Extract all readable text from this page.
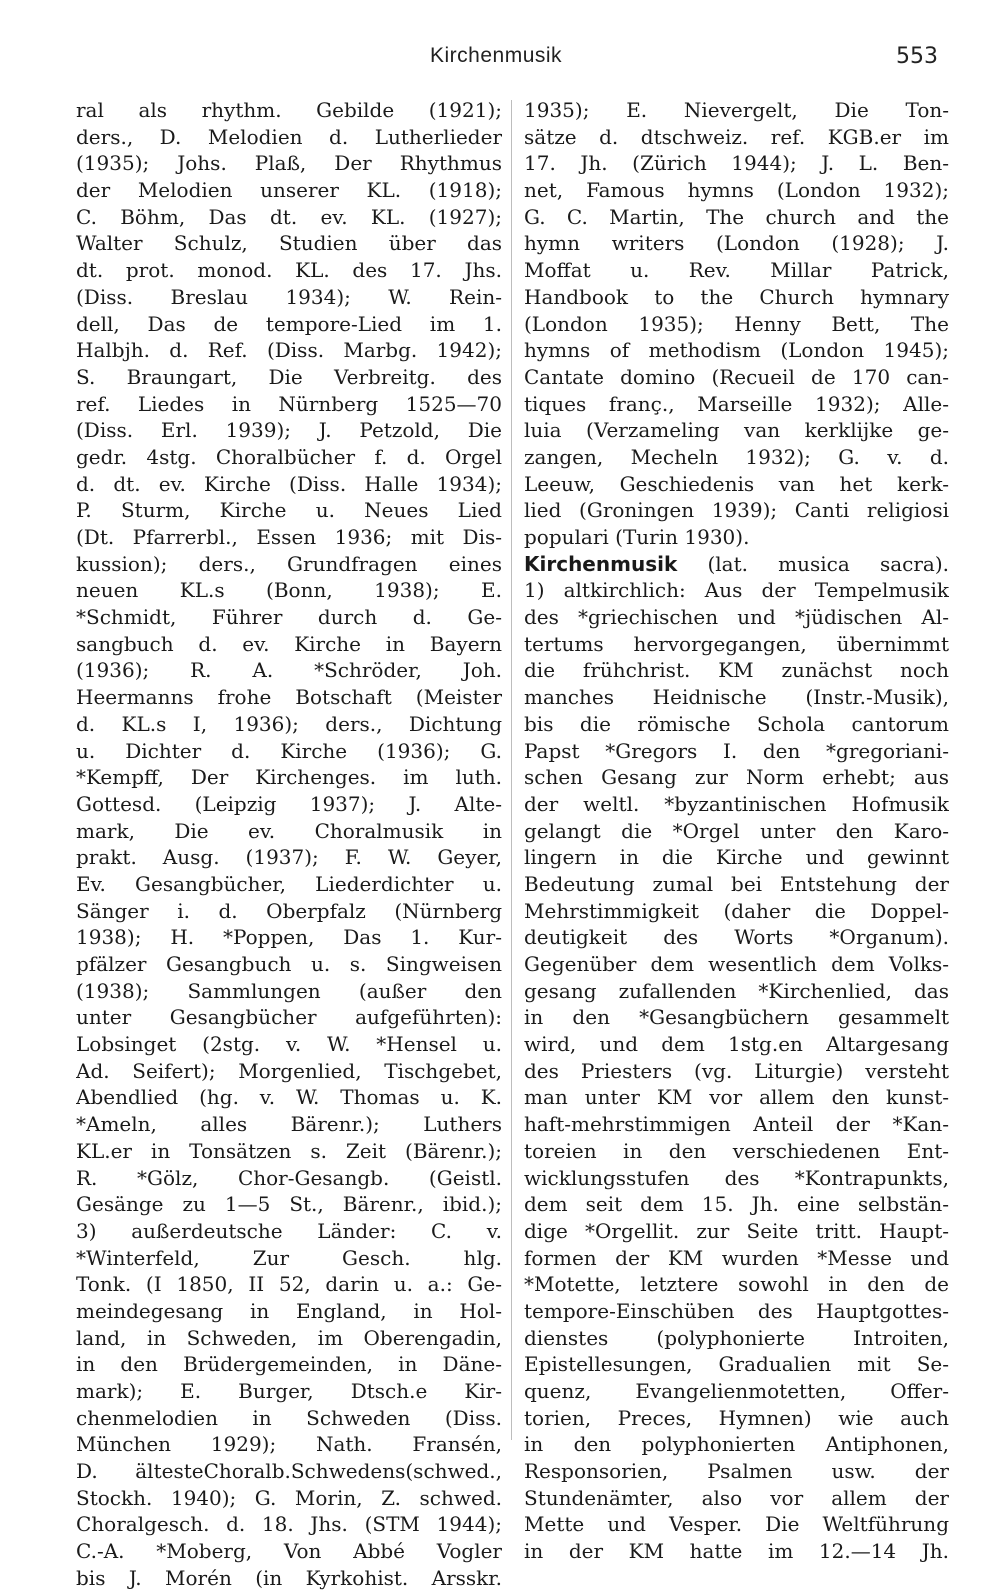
Kirchenmusik	553
ral als rhythm. Gebilde (1921);
ders., D. Melodien d. Lutherlieder
(1935); Johs. Plaß, Der Rhythmus
der Melodien unserer KL. (1918);
C. Böhm, Das dt. ev. KL. (1927);
Walter Schulz, Studien über das
dt. prot. monod. KL. des 17. Jhs.
(Diss. Breslau 1934); W. Rein-
dell, Das de tempore-Lied im 1.
Halbjh. d. Ref. (Diss. Marbg. 1942);
S. Braungart, Die Verbreitg. des
ref. Liedes in Nürnberg 1525—70
(Diss. Erl. 1939); J. Petzold, Die
gedr. 4stg. Choralbücher f. d. Orgel
d. dt. ev. Kirche (Diss. Halle 1934);
P. Sturm, Kirche u. Neues Lied
(Dt. Pfarrerbl., Essen 1936; mit Dis-
kussion); ders., Grundfragen eines
neuen KL.s (Bonn, 1938); E.
*Schmidt, Führer durch d. Ge-
sangbuch d. ev. Kirche in Bayern
(1936); R. A. *Schröder, Joh.
Heermanns frohe Botschaft (Meister
d. KL.s I, 1936); ders., Dichtung
u. Dichter d. Kirche (1936); G.
*Kempff, Der Kirchenges. im luth.
Gottesd. (Leipzig 1937); J. Alte-
mark, Die ev. Choralmusik in
prakt. Ausg. (1937); F. W. Geyer,
Ev. Gesangbücher, Liederdichter u.
Sänger i. d. Oberpfalz (Nürnberg
1938); H. *Poppen, Das 1. Kur-
pfälzer Gesangbuch u. s. Singweisen
(1938); Sammlungen (außer den
unter Gesangbücher aufgeführten):
Lobsinget (2stg. v. W. *Hensel u.
Ad. Seifert); Morgenlied, Tischgebet,
Abendlied (hg. v. W. Thomas u. K.
*Ameln, alles Bärenr.); Luthers
KL.er in Tonsätzen s. Zeit (Bärenr.);
R. *Gölz, Chor-Gesangb. (Geistl.
Gesänge zu 1—5 St., Bärenr., ibid.);
3) außerdeutsche Länder: C. v.
*Winterfeld, Zur Gesch. hlg.
Tonk. (I 1850, II 52, darin u. a.: Ge-
meindegesang in England, in Hol-
land, in Schweden, im Oberengadin,
in den Brüdergemeinden, in Däne-
mark); E. Burger, Dtsch.e Kir-
chenmelodien in Schweden (Diss.
München 1929); Nath. Fransén,
D. ältesteChoralb.Schwedens(schwed.,
Stockh. 1940); G. Morin, Z. schwed.
Choralgesch. d. 18. Jhs. (STM 1944);
C.-A. *Moberg, Von Abbé Vogler
bis J. Morén (in Kyrkohist. Arsskr.
1935); E. Nievergelt, Die Ton-
sätze d. dtschweiz. ref. KGB.er im
17. Jh. (Zürich 1944); J. L. Ben-
net, Famous hymns (London 1932);
G. C. Martin, The church and the
hymn writers (London (1928); J.
Moffat u. Rev. Millar Patrick,
Handbook to the Church hymnary
(London 1935); Henny Bett, The
hymns of methodism (London 1945);
Cantate domino (Recueil de 170 can-
tiques franç., Marseille 1932); Alle-
luia (Verzameling van kerklijke ge-
zangen, Mecheln 1932); G. v. d.
Leeuw, Geschiedenis van het kerk-
lied (Groningen 1939); Canti religiosi
populari (Turin 1930).
Kirchenmusik (lat. musica sacra).
1) altkirchlich: Aus der Tempelmusik
des *griechischen und *jüdischen Al-
tertums hervorgegangen, übernimmt
die frühchrist. KM zunächst noch
manches Heidnische (Instr.-Musik),
bis die römische Schola cantorum
Papst *Gregors I. den *gregoriani-
schen Gesang zur Norm erhebt; aus
der weltl. *byzantinischen Hofmusik
gelangt die *Orgel unter den Karo-
lingern in die Kirche und gewinnt
Bedeutung zumal bei Entstehung der
Mehrstimmigkeit (daher die Doppel-
deutigkeit des Worts *Organum).
Gegenüber dem wesentlich dem Volks-
gesang zufallenden *Kirchenlied, das
in den *Gesangbüchern gesammelt
wird, und dem 1stg.en Altargesang
des Priesters (vg. Liturgie) versteht
man unter KM vor allem den kunst-
haft-mehrstimmigen Anteil der *Kan-
toreien in den verschiedenen Ent-
wicklungsstufen des *Kontrapunkts,
dem seit dem 15. Jh. eine selbstän-
dige *Orgellit. zur Seite tritt. Haupt-
formen der KM wurden *Messe und
*Motette, letztere sowohl in den de
tempore-Einschüben des Hauptgottes-
dienstes (polyphonierte Introiten,
Epistellesungen, Gradualien mit Se-
quenz, Evangelienmotetten, Offer-
torien, Preces, Hymnen) wie auch
in den polyphonierten Antiphonen,
Responsorien, Psalmen usw. der
Stundenämter, also vor allem der
Mette und Vesper. Die Weltführung
in der KM hatte im 12.—14 Jh.
